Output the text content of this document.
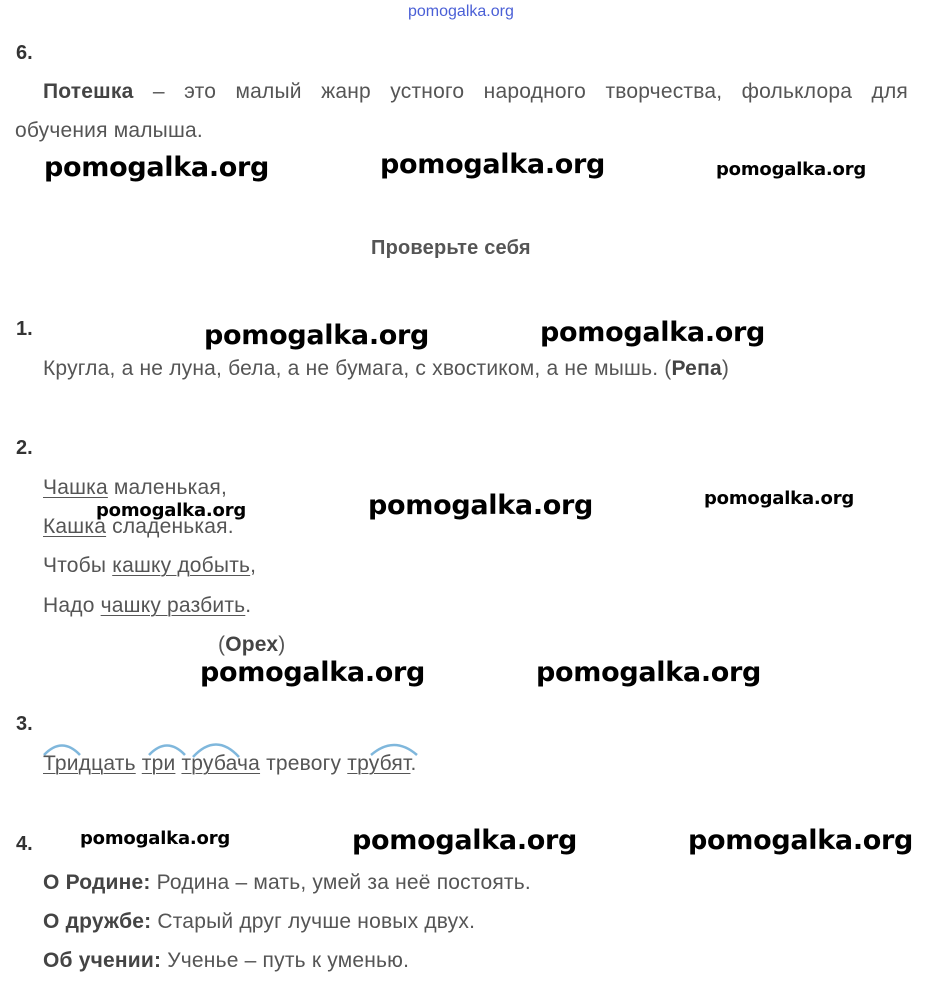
pomogalka.org
6.
Потешка – это малый жанр устного народного творчества, фольклора для
обучения малыша.
pomogalka.org	pomogalka.org	pomogalka.org
Проверьте себя
1.	pomogalka.org	pomogalka.org
Кругла, а не луна, бела, а не бумага, с хвостиком, а не мышь. (Репа)
2.
Чашка маленькая,
Кашка сладенькая.
pomogalka.org	pomogalka.org	pomogalka.org
Чтобы кашку добыть,
Надо чашку разбить.
(Орех)
pomogalka.org	pomogalka.org
3.
Тридцать три трубача тревогу трубят.
4.	pomogalka.org	pomogalka.org	pomogalka.org
О Родине: Родина – мать, умей за неё постоять.
О дружбе: Старый друг лучше новых двух.
Об учении: Ученье – путь к уменью.
